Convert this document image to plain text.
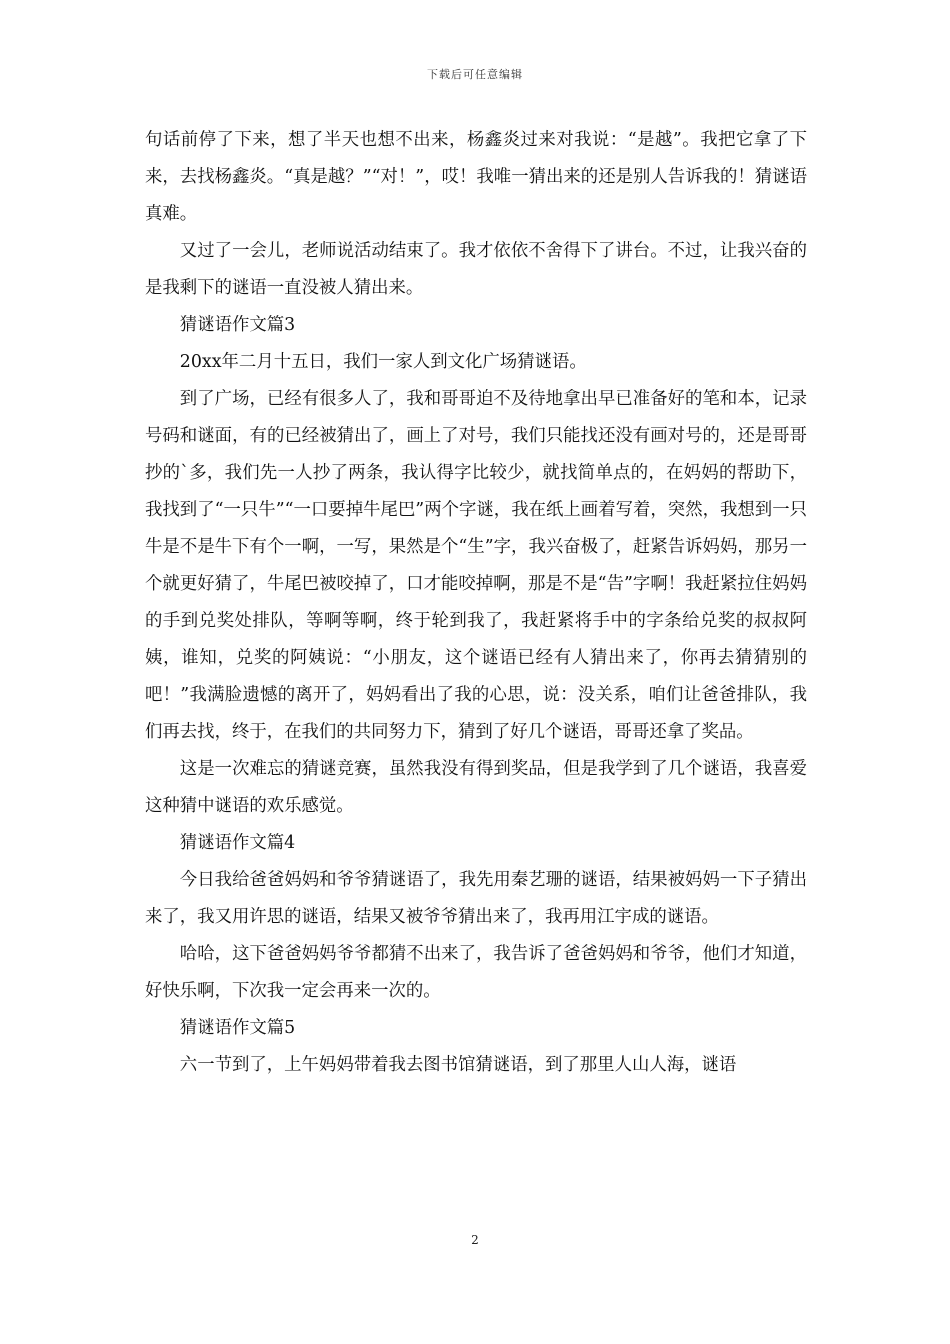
下载后可任意编辑

句话前停了下来，想了半天也想不出来，杨鑫炎过来对我说：“是越”。我把它拿了下来，去找杨鑫炎。“真是越？”“对！”，哎！我唯一猜出来的还是别人告诉我的！猜谜语真难。

又过了一会儿，老师说活动结束了。我才依依不舍得下了讲台。不过，让我兴奋的是我剩下的谜语一直没被人猜出来。

猜谜语作文篇3

20xx年二月十五日，我们一家人到文化广场猜谜语。

到了广场，已经有很多人了，我和哥哥迫不及待地拿出早已准备好的笔和本，记录号码和谜面，有的已经被猜出了，画上了对号，我们只能找还没有画对号的，还是哥哥抄的`多，我们先一人抄了两条，我认得字比较少，就找简单点的，在妈妈的帮助下，我找到了“一只牛”“一口要掉牛尾巴”两个字谜，我在纸上画着写着，突然，我想到一只牛是不是牛下有个一啊，一写，果然是个“生”字，我兴奋极了，赶紧告诉妈妈，那另一个就更好猜了，牛尾巴被咬掉了，口才能咬掉啊，那是不是“告”字啊！我赶紧拉住妈妈的手到兑奖处排队，等啊等啊，终于轮到我了，我赶紧将手中的字条给兑奖的叔叔阿姨，谁知，兑奖的阿姨说：“小朋友，这个谜语已经有人猜出来了，你再去猜猜别的吧！”我满脸遗憾的离开了，妈妈看出了我的心思，说：没关系，咱们让爸爸排队，我们再去找，终于，在我们的共同努力下，猜到了好几个谜语，哥哥还拿了奖品。

这是一次难忘的猜谜竞赛，虽然我没有得到奖品，但是我学到了几个谜语，我喜爱这种猜中谜语的欢乐感觉。

猜谜语作文篇4

今日我给爸爸妈妈和爷爷猜谜语了，我先用秦艺珊的谜语，结果被妈妈一下子猜出来了，我又用许思的谜语，结果又被爷爷猜出来了，我再用江宇成的谜语。

哈哈，这下爸爸妈妈爷爷都猜不出来了，我告诉了爸爸妈妈和爷爷，他们才知道，好快乐啊，下次我一定会再来一次的。

猜谜语作文篇5

六一节到了，上午妈妈带着我去图书馆猜谜语，到了那里人山人海，谜语

2
